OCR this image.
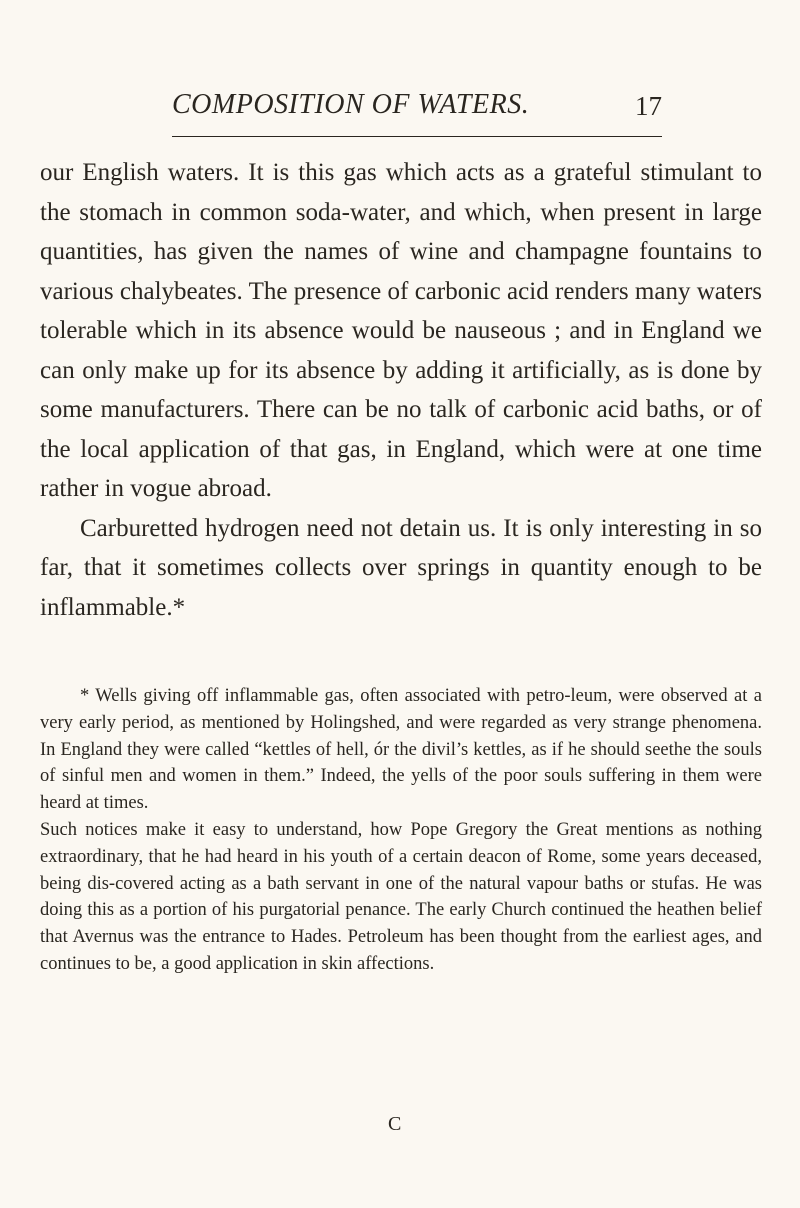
COMPOSITION OF WATERS.	17

our English waters. It is this gas which acts as a grateful stimulant to the stomach in common soda-water, and which, when present in large quantities, has given the names of wine and champagne fountains to various chalybeates. The presence of carbonic acid renders many waters tolerable which in its absence would be nauseous ; and in England we can only make up for its absence by adding it artificially, as is done by some manufacturers. There can be no talk of carbonic acid baths, or of the local application of that gas, in England, which were at one time rather in vogue abroad.

Carburetted hydrogen need not detain us. It is only interesting in so far, that it sometimes collects over springs in quantity enough to be inflammable.*

* Wells giving off inflammable gas, often associated with petro-leum, were observed at a very early period, as mentioned by Holingshed, and were regarded as very strange phenomena. In England they were called “kettles of hell, ór the divil’s kettles, as if he should seethe the souls of sinful men and women in them.” Indeed, the yells of the poor souls suffering in them were heard at times.

Such notices make it easy to understand, how Pope Gregory the Great mentions as nothing extraordinary, that he had heard in his youth of a certain deacon of Rome, some years deceased, being dis-covered acting as a bath servant in one of the natural vapour baths or stufas. He was doing this as a portion of his purgatorial penance. The early Church continued the heathen belief that Avernus was the entrance to Hades. Petroleum has been thought from the earliest ages, and continues to be, a good application in skin affections.

C
